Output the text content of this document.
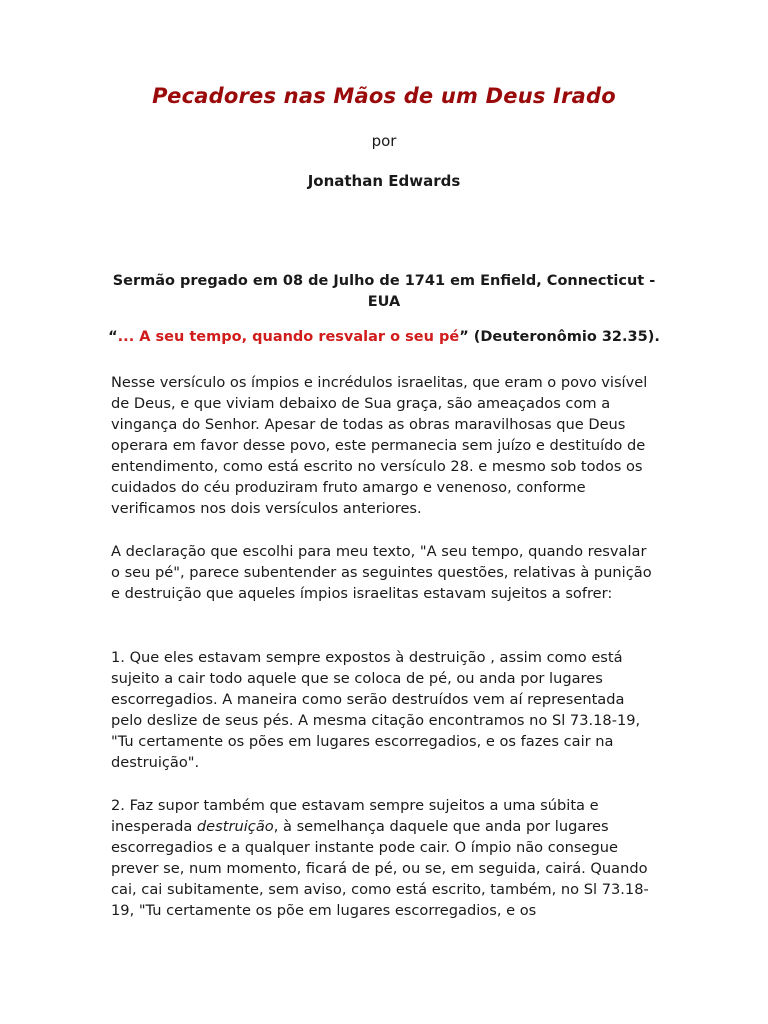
Pecadores nas Mãos de um Deus Irado
por
Jonathan Edwards
Sermão pregado em 08 de Julho de 1741 em Enfield, Connecticut - EUA
“... A seu tempo, quando resvalar o seu pé” (Deuteronômio 32.35).

Nesse versículo os ímpios e incrédulos israelitas, que eram o povo visível de Deus, e que viviam debaixo de Sua graça, são ameaçados com a vingança do Senhor. Apesar de todas as obras maravilhosas que Deus operara em favor desse povo, este permanecia sem juízo e destituído de entendimento, como está escrito no versículo 28. e mesmo sob todos os cuidados do céu produziram fruto amargo e venenoso, conforme verificamos nos dois versículos anteriores.

A declaração que escolhi para meu texto, "A seu tempo, quando resvalar o seu pé", parece subentender as seguintes questões, relativas à punição e destruição que aqueles ímpios israelitas estavam sujeitos a sofrer:

1. Que eles estavam sempre expostos à destruição , assim como está sujeito a cair todo aquele que se coloca de pé, ou anda por lugares escorregadios. A maneira como serão destruídos vem aí representada pelo deslize de seus pés. A mesma citação encontramos no Sl 73.18-19, "Tu certamente os pões em lugares escorregadios, e os fazes cair na destruição".

2. Faz supor também que estavam sempre sujeitos a uma súbita e inesperada destruição, à semelhança daquele que anda por lugares escorregadios e a qualquer instante pode cair. O ímpio não consegue prever se, num momento, ficará de pé, ou se, em seguida, cairá. Quando cai, cai subitamente, sem aviso, como está escrito, também, no Sl 73.18-19, "Tu certamente os põe em lugares escorregadios, e os
